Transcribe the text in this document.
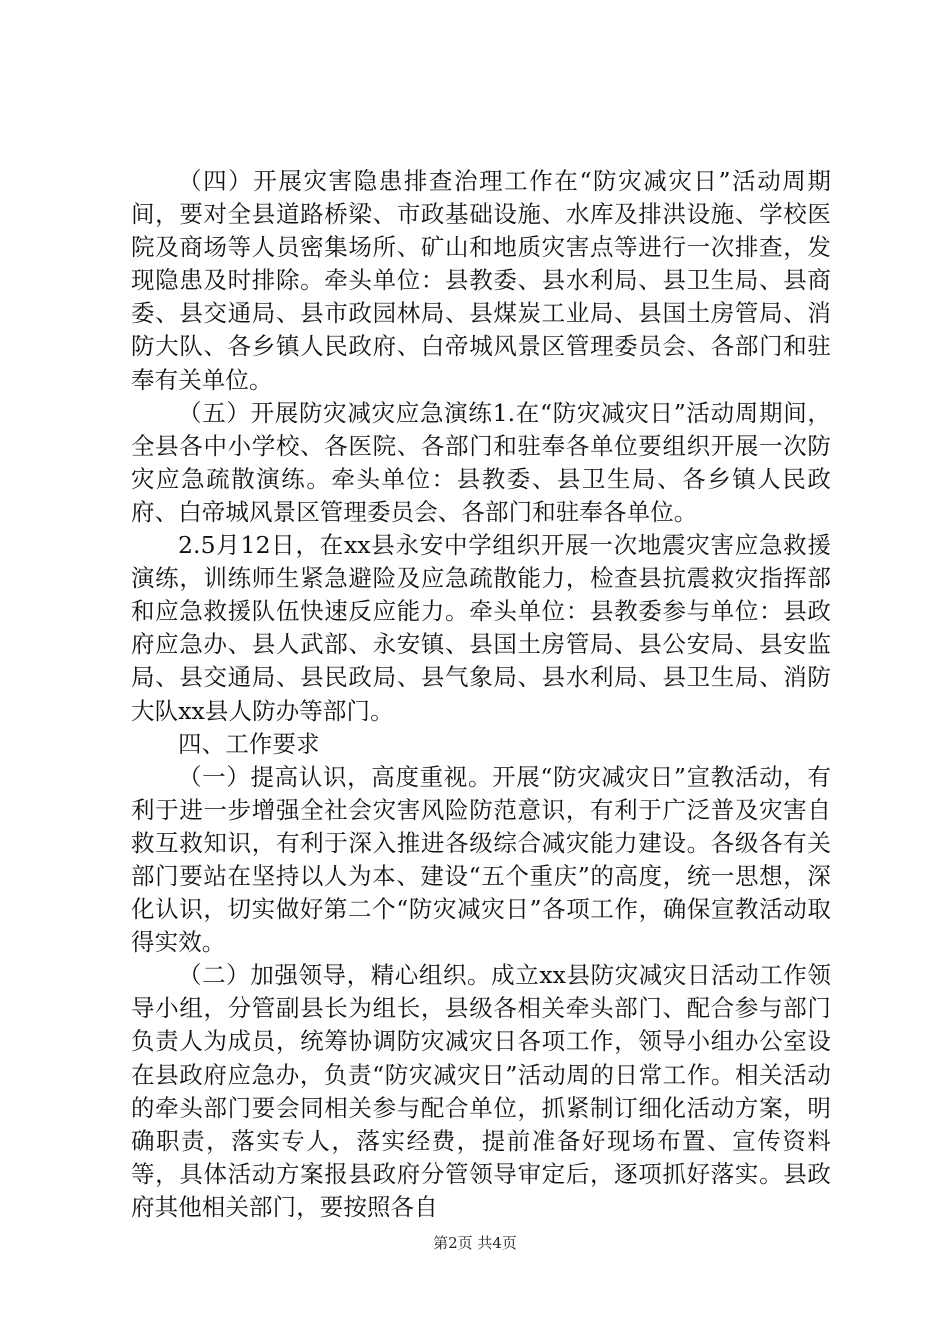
（四）开展灾害隐患排查治理工作在“防灾减灾日”活动周期间，要对全县道路桥梁、市政基础设施、水库及排洪设施、学校医院及商场等人员密集场所、矿山和地质灾害点等进行一次排查，发现隐患及时排除。牵头单位：县教委、县水利局、县卫生局、县商委、县交通局、县市政园林局、县煤炭工业局、县国土房管局、消防大队、各乡镇人民政府、白帝城风景区管理委员会、各部门和驻奉有关单位。

（五）开展防灾减灾应急演练1.在“防灾减灾日”活动周期间，全县各中小学校、各医院、各部门和驻奉各单位要组织开展一次防灾应急疏散演练。牵头单位：县教委、县卫生局、各乡镇人民政府、白帝城风景区管理委员会、各部门和驻奉各单位。

2.5月12日，在xx县永安中学组织开展一次地震灾害应急救援演练，训练师生紧急避险及应急疏散能力，检查县抗震救灾指挥部和应急救援队伍快速反应能力。牵头单位：县教委参与单位：县政府应急办、县人武部、永安镇、县国土房管局、县公安局、县安监局、县交通局、县民政局、县气象局、县水利局、县卫生局、消防大队xx县人防办等部门。

四、工作要求

（一）提高认识，高度重视。开展“防灾减灾日”宣教活动，有利于进一步增强全社会灾害风险防范意识，有利于广泛普及灾害自救互救知识，有利于深入推进各级综合减灾能力建设。各级各有关部门要站在坚持以人为本、建设“五个重庆”的高度，统一思想，深化认识，切实做好第二个“防灾减灾日”各项工作，确保宣教活动取得实效。

（二）加强领导，精心组织。成立xx县防灾减灾日活动工作领导小组，分管副县长为组长，县级各相关牵头部门、配合参与部门负责人为成员，统筹协调防灾减灾日各项工作，领导小组办公室设在县政府应急办，负责“防灾减灾日”活动周的日常工作。相关活动的牵头部门要会同相关参与配合单位，抓紧制订细化活动方案，明确职责，落实专人，落实经费，提前准备好现场布置、宣传资料等，具体活动方案报县政府分管领导审定后，逐项抓好落实。县政府其他相关部门，要按照各自

第2页 共4页
